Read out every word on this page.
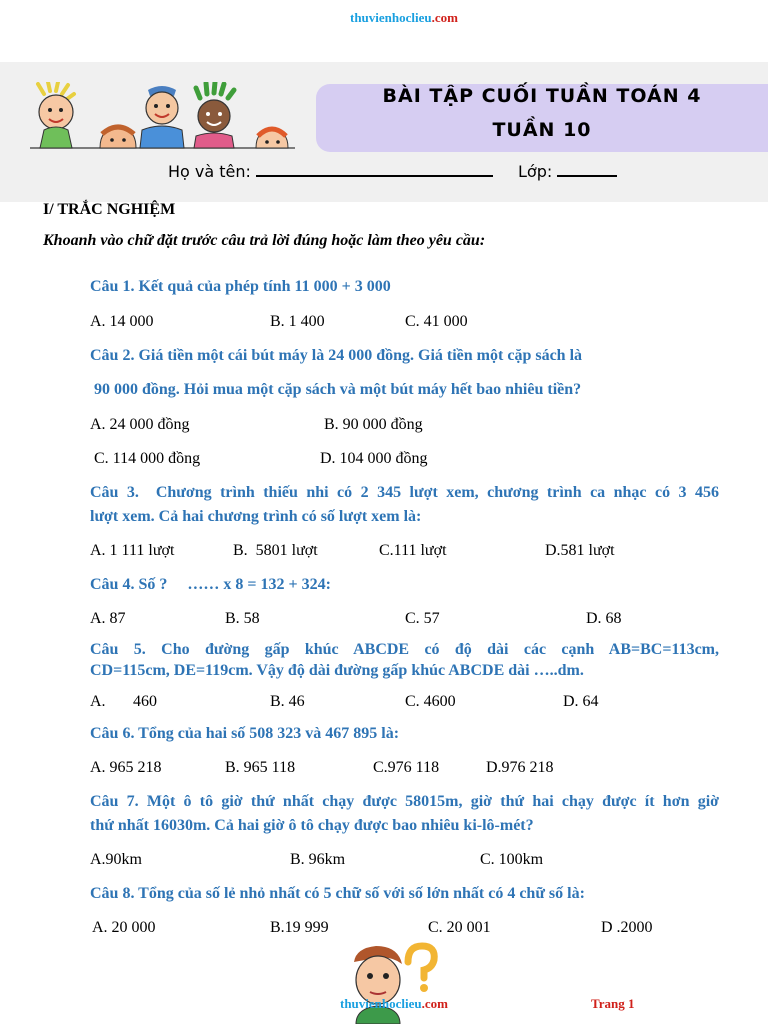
thuvienhoclieu.com
BÀI TẬP CUỐI TUẦN TOÁN 4
TUẦN 10
Họ và tên:	Lớp:
I/ TRẮC NGHIỆM
Khoanh vào chữ đặt trước câu trả lời đúng hoặc làm theo yêu cầu:
Câu 1. Kết quả của phép tính 11 000 + 3 000
A. 14 000	B. 1 400	C. 41 000
Câu 2. Giá tiền một cái bút máy là 24 000 đồng. Giá tiền một cặp sách là
90 000 đồng. Hỏi mua một cặp sách và một bút máy hết bao nhiêu tiền?
A. 24 000 đồng	B. 90 000 đồng
C. 114 000 đồng	D. 104 000 đồng
Câu 3.  Chương trình thiếu nhi có 2 345 lượt xem, chương trình ca nhạc có 3 456
lượt xem. Cả hai chương trình có số lượt xem là:
A. 1 111 lượt	B.  5801 lượt	C.111 lượt	D.581 lượt
Câu 4. Số ?     …… x 8 = 132 + 324:
A. 87	B. 58	C. 57	D. 68
Câu 5. Cho đường gấp khúc ABCDE có độ dài các cạnh AB=BC=113cm,
CD=115cm, DE=119cm. Vậy độ dài đường gấp khúc ABCDE dài …..dm.
A. 460	B. 46	C. 4600	D. 64
Câu 6. Tổng của hai số 508 323 và 467 895 là:
A. 965 218	B. 965 118	C.976 118	D.976 218
Câu 7. Một ô tô giờ thứ nhất chạy được 58015m, giờ thứ hai chạy được ít hơn giờ
thứ nhất 16030m. Cả hai giờ ô tô chạy được bao nhiêu ki-lô-mét?
A.90km	B. 96km	C. 100km
Câu 8. Tổng của số lẻ nhỏ nhất có 5 chữ số với số lớn nhất có 4 chữ số là:
A. 20 000	B.19 999	C. 20 001	D .2000
thuvienhoclieu.com	Trang 1
